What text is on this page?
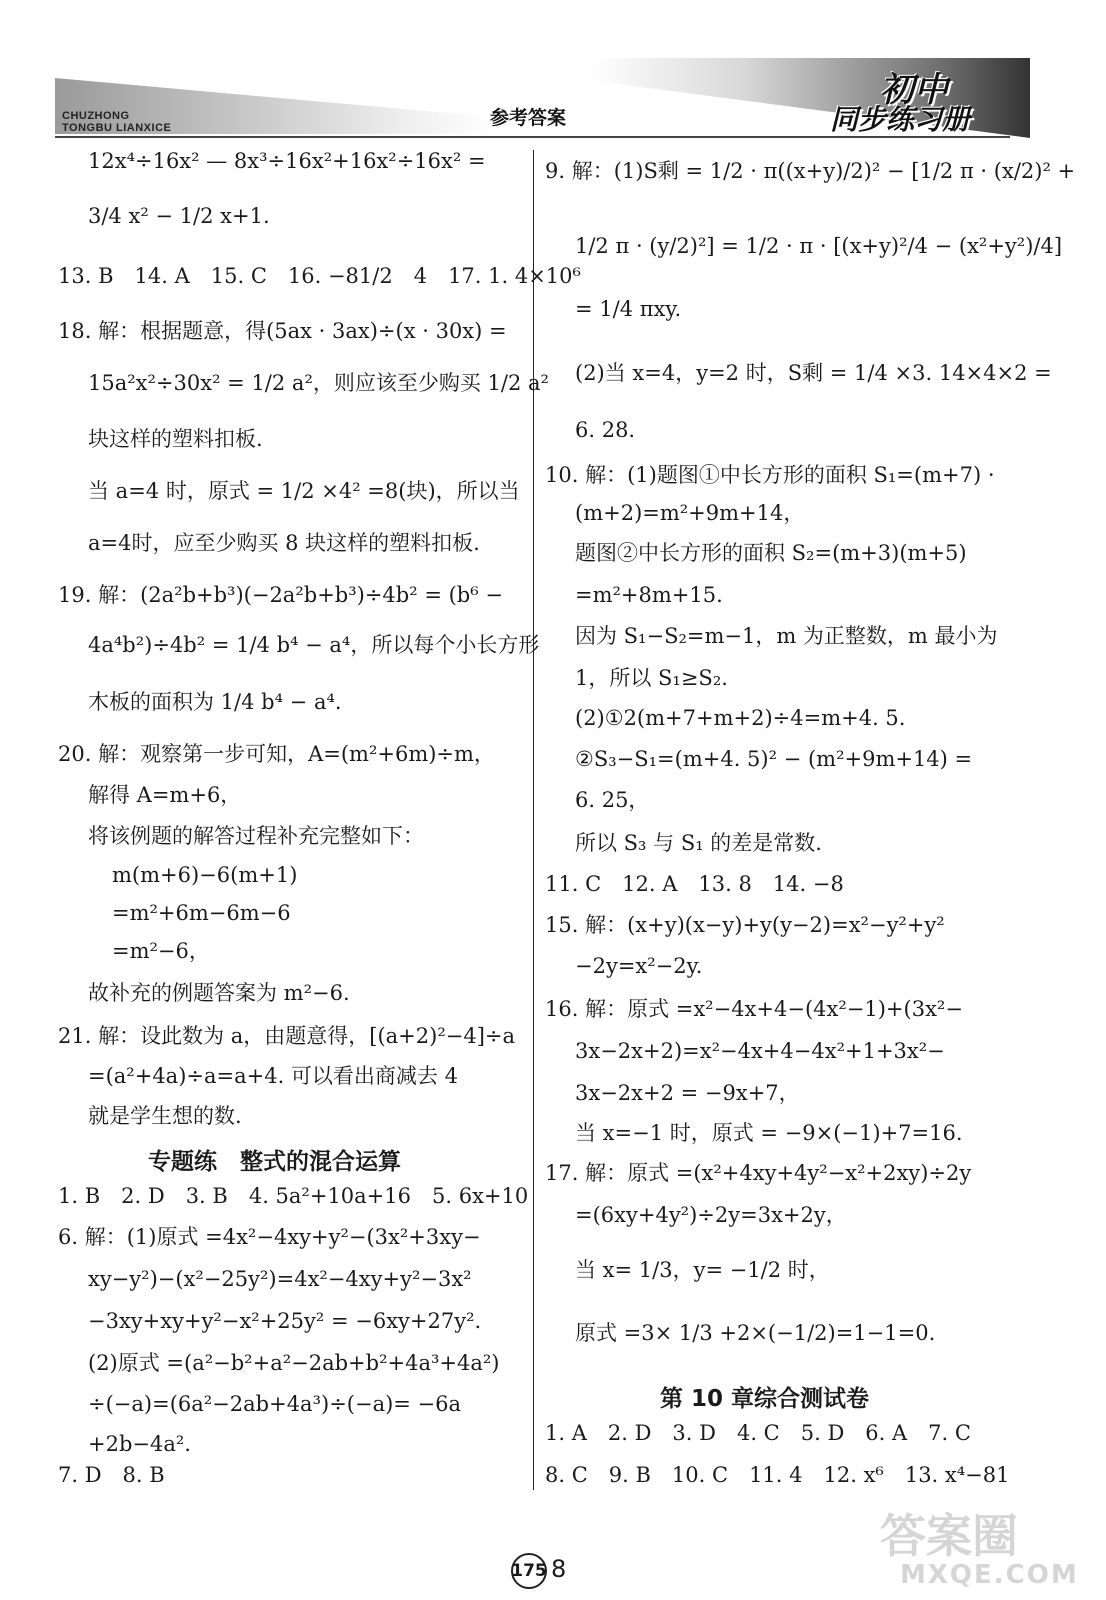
CHUZHONG
TONGBU LIANXICE	参考答案
初中
同步练习册
12x⁴÷16x² — 8x³÷16x²+16x²÷16x² =
3/4 x² − 1/2 x+1.
13. B　14. A　15. C　16. −81/2　4　17. 1. 4×10⁶
18. 解：根据题意，得(5ax · 3ax)÷(x · 30x) =
15a²x²÷30x² = 1/2 a²，则应该至少购买 1/2 a²
块这样的塑料扣板.
当 a=4 时，原式 = 1/2 ×4² =8(块)，所以当
a=4时，应至少购买 8 块这样的塑料扣板.
19. 解：(2a²b+b³)(−2a²b+b³)÷4b² = (b⁶ −
4a⁴b²)÷4b² = 1/4 b⁴ − a⁴，所以每个小长方形
木板的面积为 1/4 b⁴ − a⁴.
20. 解：观察第一步可知，A=(m²+6m)÷m，
解得 A=m+6，
将该例题的解答过程补充完整如下：
m(m+6)−6(m+1)
=m²+6m−6m−6
=m²−6，
故补充的例题答案为 m²−6.
21. 解：设此数为 a，由题意得，[(a+2)²−4]÷a
=(a²+4a)÷a=a+4. 可以看出商减去 4
就是学生想的数.
专题练　整式的混合运算
1. B　2. D　3. B　4. 5a²+10a+16　5. 6x+10
6. 解：(1)原式 =4x²−4xy+y²−(3x²+3xy−
xy−y²)−(x²−25y²)=4x²−4xy+y²−3x²
−3xy+xy+y²−x²+25y² = −6xy+27y².
(2)原式 =(a²−b²+a²−2ab+b²+4a³+4a²)
÷(−a)=(6a²−2ab+4a³)÷(−a)= −6a
+2b−4a².
7. D　8. B
9. 解：(1)S剩 = 1/2 · π((x+y)/2)² − [1/2 π · (x/2)² +
1/2 π · (y/2)²] = 1/2 · π · [(x+y)²/4 − (x²+y²)/4]
= 1/4 πxy.
(2)当 x=4，y=2 时，S剩 = 1/4 ×3. 14×4×2 =
6. 28.
10. 解：(1)题图①中长方形的面积 S₁=(m+7) ·
(m+2)=m²+9m+14，
题图②中长方形的面积 S₂=(m+3)(m+5)
=m²+8m+15.
因为 S₁−S₂=m−1，m 为正整数，m 最小为
1，所以 S₁≥S₂.
(2)①2(m+7+m+2)÷4=m+4. 5.
②S₃−S₁=(m+4. 5)² − (m²+9m+14) =
6. 25，
所以 S₃ 与 S₁ 的差是常数.
11. C　12. A　13. 8　14. −8
15. 解：(x+y)(x−y)+y(y−2)=x²−y²+y²
−2y=x²−2y.
16. 解：原式 =x²−4x+4−(4x²−1)+(3x²−
3x−2x+2)=x²−4x+4−4x²+1+3x²−
3x−2x+2 = −9x+7，
当 x=−1 时，原式 = −9×(−1)+7=16.
17. 解：原式 =(x²+4xy+4y²−x²+2xy)÷2y
=(6xy+4y²)÷2y=3x+2y，
当 x= 1/3，y= −1/2 时，
原式 =3× 1/3 +2×(−1/2)=1−1=0.
第 10 章综合测试卷
1. A　2. D　3. D　4. C　5. D　6. A　7. C
8. C　9. B　10. C　11. 4　12. x⁶　13. x⁴−81
175 8
答案圈
MXQE.COM
